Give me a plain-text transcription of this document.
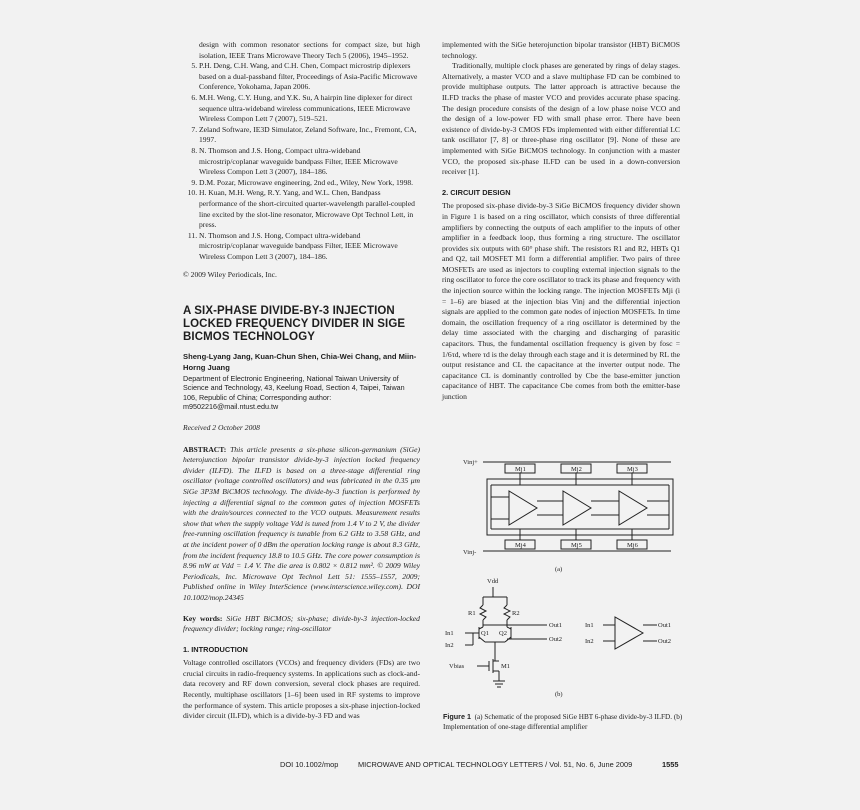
design with common resonator sections for compact size, but high isolation, IEEE Trans Microwave Theory Tech 5 (2006), 1945–1952.

5. P.H. Deng, C.H. Wang, and C.H. Chen, Compact microstrip diplexers based on a dual-passband filter, Proceedings of Asia-Pacific Microwave Conference, Yokohama, Japan 2006.
6. M.H. Weng, C.Y. Hung, and Y.K. Su, A hairpin line diplexer for direct sequence ultra-wideband wireless communications, IEEE Microwave Wireless Compon Lett 7 (2007), 519–521.
7. Zeland Software, IE3D Simulator, Zeland Software, Inc., Fremont, CA, 1997.
8. N. Thomson and J.S. Hong, Compact ultra-wideband microstrip/coplanar waveguide bandpass Filter, IEEE Microwave Wireless Compon Lett 3 (2007), 184–186.
9. D.M. Pozar, Microwave engineering, 2nd ed., Wiley, New York, 1998.
10. H. Kuan, M.H. Weng, R.Y. Yang, and W.L. Chen, Bandpass performance of the short-circuited quarter-wavelength parallel-coupled line excited by the slot-line resonator, Microwave Opt Technol Lett, in press.
11. N. Thomson and J.S. Hong, Compact ultra-wideband microstrip/coplanar waveguide bandpass Filter, IEEE Microwave Wireless Compon Lett 3 (2007), 184–186.

© 2009 Wiley Periodicals, Inc.

A SIX-PHASE DIVIDE-BY-3 INJECTION LOCKED FREQUENCY DIVIDER IN SIGE BICMOS TECHNOLOGY
Sheng-Lyang Jang, Kuan-Chun Shen, Chia-Wei Chang, and Miin-Horng Juang
Department of Electronic Engineering, National Taiwan University of Science and Technology, 43, Keelung Road, Section 4, Taipei, Taiwan 106, Republic of China; Corresponding author: m9502216@mail.ntust.edu.tw
Received 2 October 2008

ABSTRACT: This article presents a six-phase silicon-germanium (SiGe) heterojunction bipolar transistor divide-by-3 injection locked frequency divider (ILFD). The ILFD is based on a three-stage differential ring oscillator (voltage controlled oscillators) and was fabricated in the 0.35 μm SiGe 3P3M BiCMOS technology. The divide-by-3 function is performed by injecting a differential signal to the common gates of injection MOSFETs with the drain/sources connected to the VCO outputs. Measurement results show that when the supply voltage Vdd is tuned from 1.4 V to 2 V, the divider free-running oscillation frequency is tunable from 6.2 GHz to 3.58 GHz, and at the incident power of 0 dBm the operation locking range is about 8.3 GHz, from the incident frequency 18.8 to 10.5 GHz. The core power consumption is 8.96 mW at Vdd = 1.4 V. The die area is 0.802 × 0.812 mm². © 2009 Wiley Periodicals, Inc. Microwave Opt Technol Lett 51: 1555–1557, 2009; Published online in Wiley InterScience (www.interscience.wiley.com). DOI 10.1002/mop.24345

Key words: SiGe HBT BiCMOS; six-phase; divide-by-3 injection-locked frequency divider; locking range; ring-oscillator

1. INTRODUCTION

Voltage controlled oscillators (VCOs) and frequency dividers (FDs) are two crucial circuits in radio-frequency systems. In applications such as clock-and-data recovery and RF down conversion, several clock phases are required. Recently, multiphase oscillators [1–6] been used in RF systems to improve the performance of system. This article proposes a six-phase injection-locked divider circuit (ILFD), which is a divide-by-3 FD and was

implemented with the SiGe heterojunction bipolar transistor (HBT) BiCMOS technology.

Traditionally, multiple clock phases are generated by rings of delay stages. Alternatively, a master VCO and a slave multiphase FD can be combined to provide multiphase outputs. The latter approach is attractive because the ILFD tracks the phase of master VCO and provides accurate phase spacing. The design procedure consists of the design of a low phase noise VCO and the design of a low-power FD with small phase error. There have been existence of divide-by-3 CMOS FDs implemented with either differential LC tank oscillator [7, 8] or three-phase ring oscillator [9]. None of these are implemented with SiGe BiCMOS technology. In conjunction with a master VCO, the proposed six-phase ILFD can be used in a down-conversion receiver [1].

2. CIRCUIT DESIGN

The proposed six-phase divide-by-3 SiGe BiCMOS frequency divider shown in Figure 1 is based on a ring oscillator, which consists of three differential amplifiers by connecting the outputs of each amplifier to the inputs of other amplifier in a feedback loop, thus forming a ring structure. The oscillator provides six outputs with 60° phase shift. The resistors R1 and R2, HBTs Q1 and Q2, tail MOSFET M1 form a differential amplifier. Two pairs of three MOSFETs are used as injectors to coupling external injection signals to the ring oscillator to force the core oscillator to track its phase and frequency with the injection source within the locking range. The injection MOSFETs Mji (i = 1–6) are biased at the injection bias Vinj and the differential injection signals are applied to the common gate nodes of injection MOSFETs. In time domain, the oscillation frequency of a ring oscillator is determined by the delay time associated with the charging and discharging of parasitic capacitors. Thus, the fundamental oscillation frequency is given by fosc = 1/6τd, where τd is the delay through each stage and it is determined by RL the output resistance and CL the capacitance at the inverter output node. The capacitance CL is dominantly controlled by Cbe the base-emitter junction capacitance of HBT. The capacitance Cbe comes from both the emitter-base junction

Vinj+
Vinj-
Mj1	Mj2	Mj3
Mj4	Mj5	Mj6
(a)
Vdd
R1	R2
Q1 Q2
In1
In2
Out1
Out2
Vbias	M1
In1
In2
Out1
Out2
(b)
Figure 1 (a) Schematic of the proposed SiGe HBT 6-phase divide-by-3 ILFD. (b) Implementation of one-stage differential amplifier
DOI 10.1002/mop	MICROWAVE AND OPTICAL TECHNOLOGY LETTERS / Vol. 51, No. 6, June 2009	1555
